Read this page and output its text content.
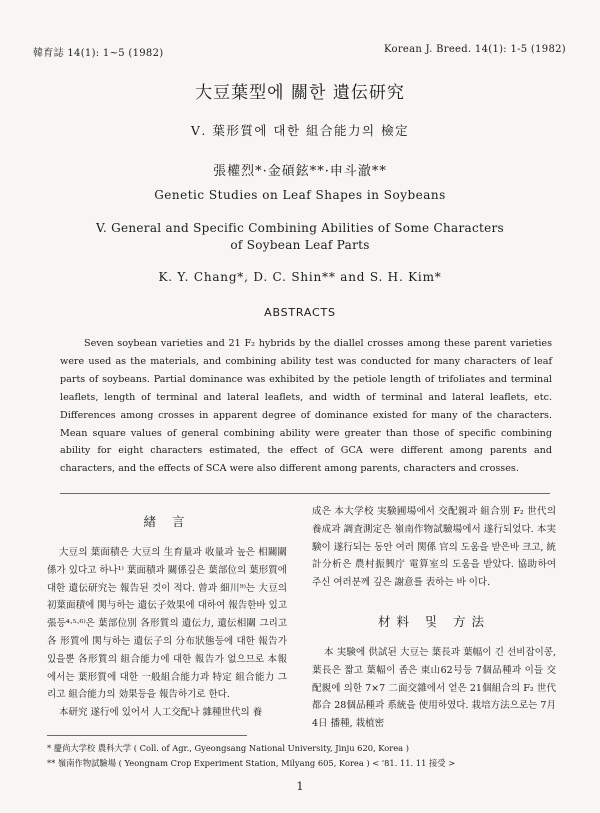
韓育誌 14(1): 1~5 (1982)	Korean J. Breed. 14(1): 1-5 (1982)
大豆葉型에 關한 遺伝研究
Ⅴ. 葉形質에 대한 組合能力의 檢定
張權烈*·金碩鉉**·申斗澈**
Genetic Studies on Leaf Shapes in Soybeans
V. General and Specific Combining Abilities of Some Characters
of Soybean Leaf Parts
K. Y. Chang*, D. C. Shin** and S. H. Kim*
ABSTRACTS

Seven soybean varieties and 21 F₂ hybrids by the diallel crosses among these parent varieties were used as the materials, and combining ability test was conducted for many characters of leaf parts of soybeans. Partial dominance was exhibited by the petiole length of trifoliates and terminal leaflets, length of terminal and lateral leaflets, and width of terminal and lateral leaflets, etc. Differences among crosses in apparent degree of dominance existed for many of the characters. Mean square values of general combining ability were greater than those of specific combining ability for eight characters estimated, the effect of GCA were different among parents and characters, and the effects of SCA were also different among parents, characters and crosses.

緖 言

大豆의 葉面積은 大豆의 生育量과 收量과 높은 相關關係가 있다고 하나¹⁾ 葉面積과 關係깊은 葉部位의 葉形質에 대한 遺伝研究는 報告된 것이 적다. 曾과 細川⁹⁾는 大豆의 初葉面積에 関与하는 遺伝子效果에 대하여 報告한바 있고 張등⁴·⁵·⁶⁾은 葉部位別 各形質의 遺伝力, 遺伝相關 그리고 各 形質에 関与하는 遺伝子의 分布狀態등에 대한 報告가 있을뿐 各形質의 組合能力에 대한 報告가 없으므로 本報에서는 葉形質에 대한 一般組合能力과 特定 組合能力 그리고 組合能力의 効果등을 報告하기로 한다.

本研究 遂行에 있어서 人工交配나 雜種世代의 養

成은 本大学校 実験圃場에서 交配親과 組合別 F₂ 世代의 養成과 調査測定은 嶺南作物試驗場에서 遂行되었다. 本実験이 遂行되는 동안 여러 関係 官의 도움을 받은바 크고, 統計分析은 農村振興庁 電算室의 도움을 받았다. 協助하여 주신 여러분께 깊은 謝意를 表하는 바 이다.

材料 및 方法

本 実験에 供試된 大豆는 葉長과 葉幅이 긴 선비잡이콩, 葉長은 짧고 葉幅이 좁은 東山62号등 7個品種과 이들 交配親에 의한 7×7 二面交雜에서 얻은 21個組合의 F₂ 世代 都合 28個品種과 系統을 使用하였다. 栽培方法으로는 7月4日 播種, 栽植密

* 慶尚大学校 農科大学 ( Coll. of Agr., Gyeongsang National University, Jinju 620, Korea )
** 嶺南作物試驗場 ( Yeongnam Crop Experiment Station, Milyang 605, Korea ) < '81. 11. 11 接受 >
1
